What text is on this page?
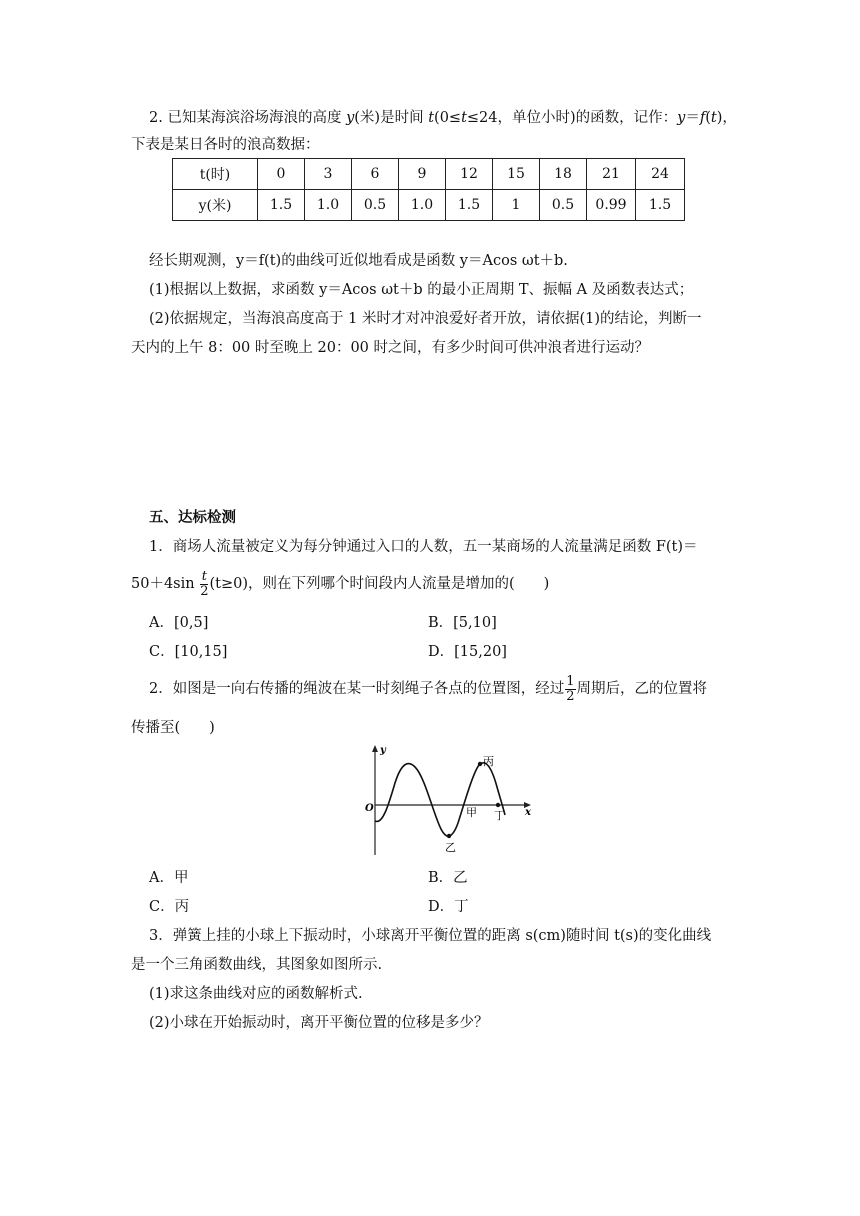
2. 已知某海滨浴场海浪的高度 y(米)是时间 t(0≤t≤24，单位小时)的函数，记作：y＝f(t)，
下表是某日各时的浪高数据：
t(时)	0	3	6	9	12	15	18	21	24
y(米)	1.5	1.0	0.5	1.0	1.5	1	0.5	0.99	1.5
经长期观测，y＝f(t)的曲线可近似地看成是函数 y＝Acos ωt＋b.
(1)根据以上数据，求函数 y＝Acos ωt＋b 的最小正周期 T、振幅 A 及函数表达式；
(2)依据规定，当海浪高度高于 1 米时才对冲浪爱好者开放，请依据(1)的结论，判断一
天内的上午 8：00 时至晚上 20：00 时之间，有多少时间可供冲浪者进行运动？
五、达标检测
1．商场人流量被定义为每分钟通过入口的人数，五一某商场的人流量满足函数 F(t)＝
$50+4\sin \frac{t}{2} (t\ge 0)$，则在下列哪个时间段内人流量是增加的(　　)
A．[0,5]	B．[5,10]
C．[10,15]	D．[15,20]
2．如图是一向右传播的绳波在某一时刻绳子各点的位置图，经过 $\frac{1}{2}$ 周期后，乙的位置将
传播至(　　)
y
x
O	甲
乙
丙
丁
A．甲	B．乙
C．丙	D．丁
3．弹簧上挂的小球上下振动时，小球离开平衡位置的距离 s(cm)随时间 t(s)的变化曲线
是一个三角函数曲线，其图象如图所示.
(1)求这条曲线对应的函数解析式.
(2)小球在开始振动时，离开平衡位置的位移是多少？
